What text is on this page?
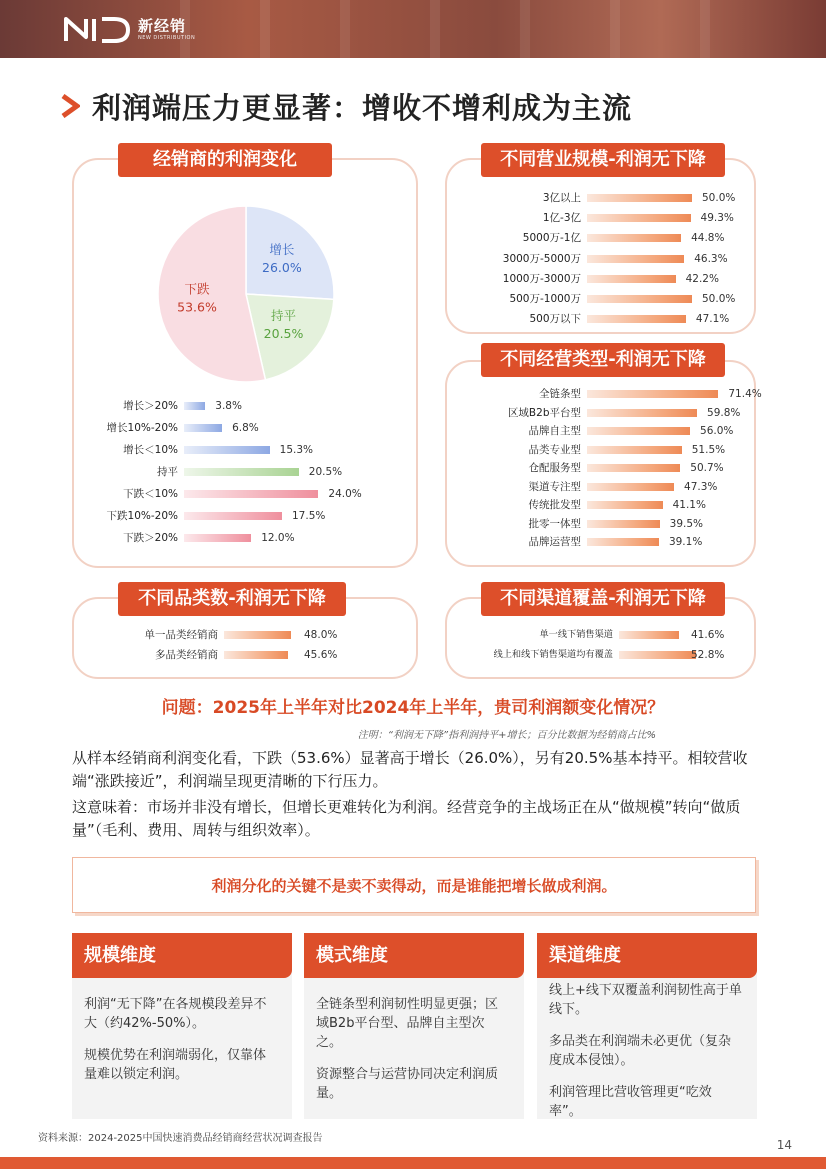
新经销
NEW DISTRIBUTION
利润端压力更显著：增收不增利成为主流
增长
26.0%
持平
20.5%
下跌
53.6%
增长＞20%	3.8%
增长10%-20%	6.8%
增长＜10%	15.3%
持平	20.5%
下跌＜10%	24.0%
下跌10%-20%	17.5%
下跌＞20%	12.0%
经销商的利润变化
3亿以上	50.0%
1亿-3亿	49.3%
5000万-1亿	44.8%
3000万-5000万	46.3%
1000万-3000万	42.2%
500万-1000万	50.0%
500万以下	47.1%
不同营业规模-利润无下降
全链条型	71.4%
区域B2b平台型	59.8%
品牌自主型	56.0%
品类专业型	51.5%
仓配服务型	50.7%
渠道专注型	47.3%
传统批发型	41.1%
批零一体型	39.5%
品牌运营型	39.1%
不同经营类型-利润无下降
单一品类经销商	48.0%
多品类经销商	45.6%
不同品类数-利润无下降
单一线下销售渠道	41.6%
线上和线下销售渠道均有覆盖	52.8%
不同渠道覆盖-利润无下降
问题：2025年上半年对比2024年上半年，贵司利润额变化情况？
注明：“利润无下降”指利润持平+增长；百分比数据为经销商占比%
从样本经销商利润变化看，下跌（53.6%）显著高于增长（26.0%），另有20.5%基本持平。相较营收端“涨跌接近”，利润端呈现更清晰的下行压力。
这意味着：市场并非没有增长，但增长更难转化为利润。经营竞争的主战场正在从“做规模”转向“做质量”（毛利、费用、周转与组织效率）。
利润分化的关键不是卖不卖得动，而是谁能把增长做成利润。
规模维度

利润“无下降”在各规模段差异不大（约42%-50%）。

规模优势在利润端弱化，仅靠体量难以锁定利润。

模式维度

全链条型利润韧性明显更强；区域B2b平台型、品牌自主型次之。

资源整合与运营协同决定利润质量。

渠道维度

线上+线下双覆盖利润韧性高于单线下。

多品类在利润端未必更优（复杂度成本侵蚀）。

利润管理比营收管理更“吃效率”。

资料来源：2024-2025中国快速消费品经销商经营状况调查报告	14
